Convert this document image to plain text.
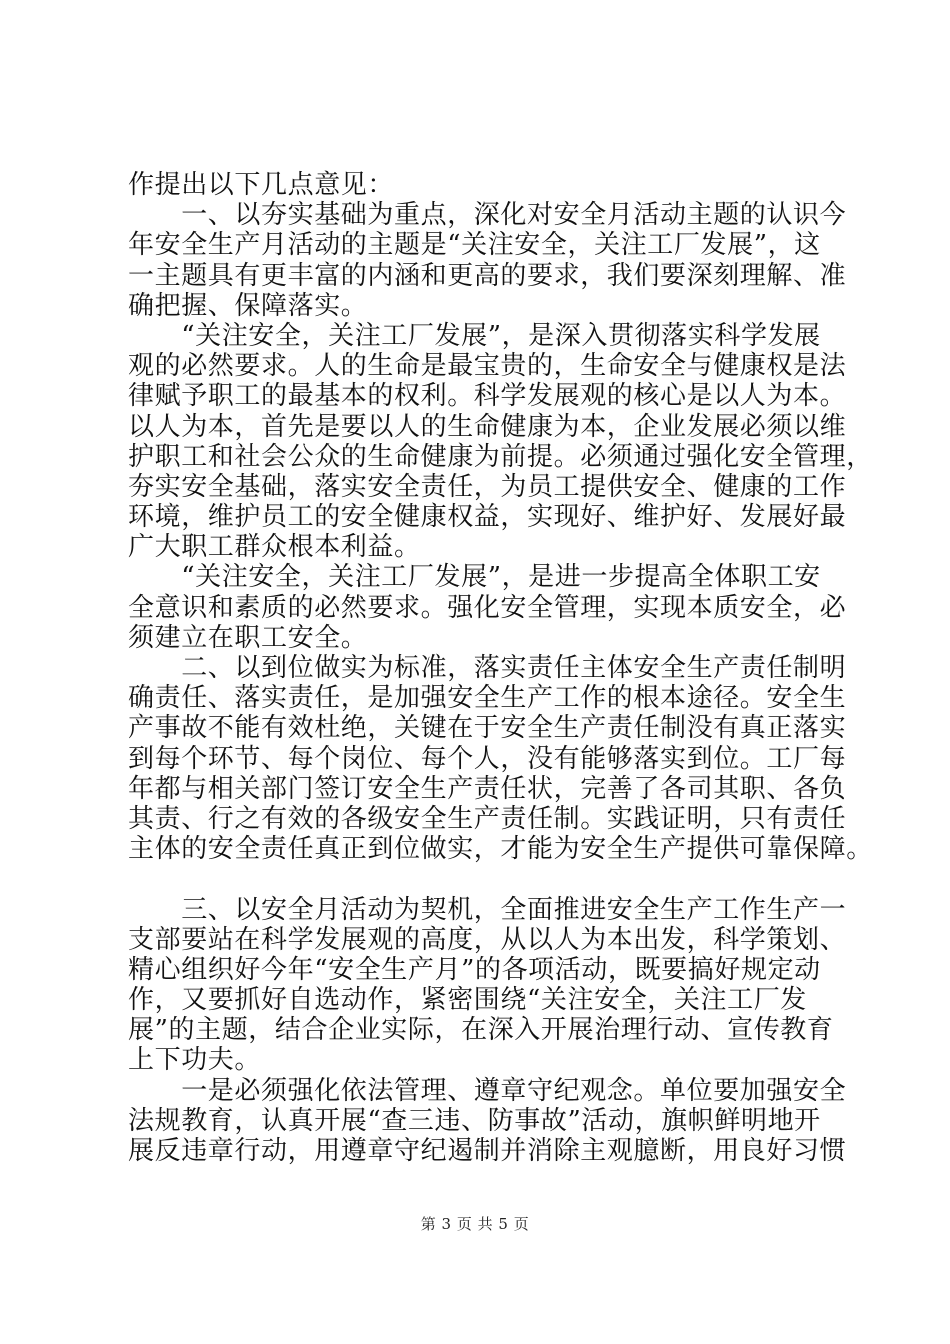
作提出以下几点意见：
　　一、以夯实基础为重点，深化对安全月活动主题的认识今
年安全生产月活动的主题是“关注安全，关注工厂发展”，这
一主题具有更丰富的内涵和更高的要求，我们要深刻理解、准
确把握、保障落实。
　　“关注安全，关注工厂发展”，是深入贯彻落实科学发展
观的必然要求。人的生命是最宝贵的，生命安全与健康权是法
律赋予职工的最基本的权利。科学发展观的核心是以人为本。
以人为本，首先是要以人的生命健康为本，企业发展必须以维
护职工和社会公众的生命健康为前提。必须通过强化安全管理，
夯实安全基础，落实安全责任，为员工提供安全、健康的工作
环境，维护员工的安全健康权益，实现好、维护好、发展好最
广大职工群众根本利益。
　　“关注安全，关注工厂发展”，是进一步提高全体职工安
全意识和素质的必然要求。强化安全管理，实现本质安全，必
须建立在职工安全。
　　二、以到位做实为标准，落实责任主体安全生产责任制明
确责任、落实责任，是加强安全生产工作的根本途径。安全生
产事故不能有效杜绝，关键在于安全生产责任制没有真正落实
到每个环节、每个岗位、每个人，没有能够落实到位。工厂每
年都与相关部门签订安全生产责任状，完善了各司其职、各负
其责、行之有效的各级安全生产责任制。实践证明，只有责任
主体的安全责任真正到位做实，才能为安全生产提供可靠保障。
　　三、以安全月活动为契机，全面推进安全生产工作生产一
支部要站在科学发展观的高度，从以人为本出发，科学策划、
精心组织好今年“安全生产月”的各项活动，既要搞好规定动
作，又要抓好自选动作，紧密围绕“关注安全，关注工厂发
展”的主题，结合企业实际，在深入开展治理行动、宣传教育
上下功夫。
　　一是必须强化依法管理、遵章守纪观念。单位要加强安全
法规教育，认真开展“查三违、防事故”活动，旗帜鲜明地开
展反违章行动，用遵章守纪遏制并消除主观臆断，用良好习惯
第 3 页 共 5 页
